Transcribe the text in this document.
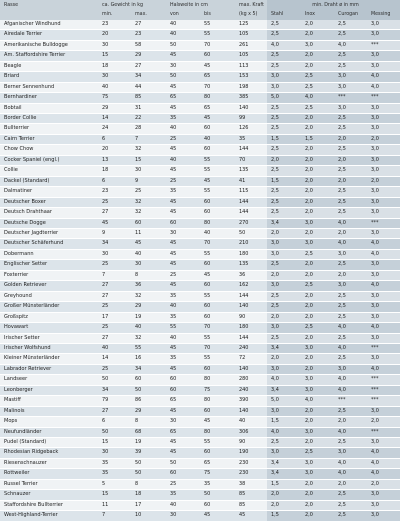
Rasse	ca. Gewicht in kg		Halsweite in cm		max. Kraft	min. Draht ø in mm			
	min.	max.	von	bis	(kg x 5)	Stahl	Inox	Curogan	Messing
Afganischer Windhund	23	27	40	55	125	2,5	2,0	2,5	3,0
Airedale Terrier	20	23	40	55	105	2,5	2,0	2,5	3,0
Amerikanische Bulldogge	30	58	50	70	261	4,0	3,0	4,0	***
Am. Staffordshire Terrier	15	29	45	60	105	2,5	2,0	2,5	3,0
Beagle	18	27	30	45	113	2,5	2,0	2,5	3,0
Briard	30	34	50	65	153	3,0	2,5	3,0	4,0
Berner Sennenhund	40	44	45	70	198	3,0	2,5	3,0	4,0
Bernhardiner	75	85	65	80	385	5,0	4,0	***	***
Bobtail	29	31	45	65	140	2,5	2,5	3,0	3,0
Border Collie	14	22	35	45	99	2,5	2,0	2,5	3,0
Bullterrier	24	28	40	60	126	2,5	2,0	2,5	3,0
Cairn Terrier	6	7	25	40	35	1,5	1,5	2,0	2,0
Chow Chow	20	32	45	60	144	2,5	2,0	2,5	3,0
Cocker Spaniel (engl.)	13	15	40	55	70	2,0	2,0	2,0	3,0
Collie	18	30	45	55	135	2,5	2,0	2,5	3,0
Dackel (Standard)	6	9	25	45	41	1,5	2,0	2,0	2,0
Dalmatiner	23	25	35	55	115	2,5	2,0	2,5	3,0
Deutscher Boxer	25	32	45	60	144	2,5	2,0	2,5	3,0
Deutsch Drahthaar	27	32	45	60	144	2,5	2,0	2,5	3,0
Deutsche Dogge	45	60	60	80	270	3,4	3,0	4,0	***
Deutscher Jagdterrier	9	11	30	40	50	2,0	2,0	2,0	3,0
Deutscher Schäferhund	34	45	45	70	210	3,0	3,0	4,0	4,0
Dobermann	30	40	45	55	180	3,0	2,5	3,0	4,0
Englischer Setter	25	30	45	60	135	2,5	2,0	2,5	3,0
Foxterrier	7	8	25	45	36	2,0	2,0	2,0	3,0
Golden Retriever	27	36	45	60	162	3,0	2,5	3,0	4,0
Greyhound	27	32	35	55	144	2,5	2,0	2,5	3,0
Großer Münsterländer	25	29	40	60	140	2,5	2,0	2,5	3,0
Großspitz	17	19	35	60	90	2,0	2,0	2,5	3,0
Hovawart	25	40	55	70	180	3,0	2,5	4,0	4,0
Irischer Setter	27	32	40	55	144	2,5	2,0	2,5	3,0
Irischer Wolfshund	40	55	45	70	240	3,4	3,0	4,0	***
Kleiner Münsterländer	14	16	35	55	72	2,0	2,0	2,5	3,0
Labrador Retriever	25	34	45	60	140	3,0	2,0	3,0	4,0
Landseer	50	60	60	80	280	4,0	3,0	4,0	***
Leonberger	34	50	60	75	240	3,4	3,0	4,0	***
Mastiff	79	86	65	80	390	5,0	4,0	***	***
Malinois	27	29	45	60	140	3,0	2,0	2,5	3,0
Mops	6	8	30	45	40	1,5	2,0	2,0	2,0
Neufundländer	50	68	65	80	306	4,0	3,0	4,0	***
Pudel (Standard)	15	19	45	55	90	2,5	2,0	2,5	3,0
Rhodesian Ridgeback	30	39	45	60	190	3,0	2,5	3,0	4,0
Riesenschnauzer	35	50	50	65	230	3,4	3,0	4,0	4,0
Rottweiler	35	50	60	75	230	3,4	3,0	4,0	4,0
Russel Terrier	5	8	25	35	38	1,5	2,0	2,0	2,0
Schnauzer	15	18	35	50	85	2,0	2,0	2,5	3,0
Staffordshire Bullterrier	11	17	40	60	85	2,0	2,0	2,5	3,0
West-Highland-Terrier	7	10	30	45	45	1,5	2,0	2,5	3,0
